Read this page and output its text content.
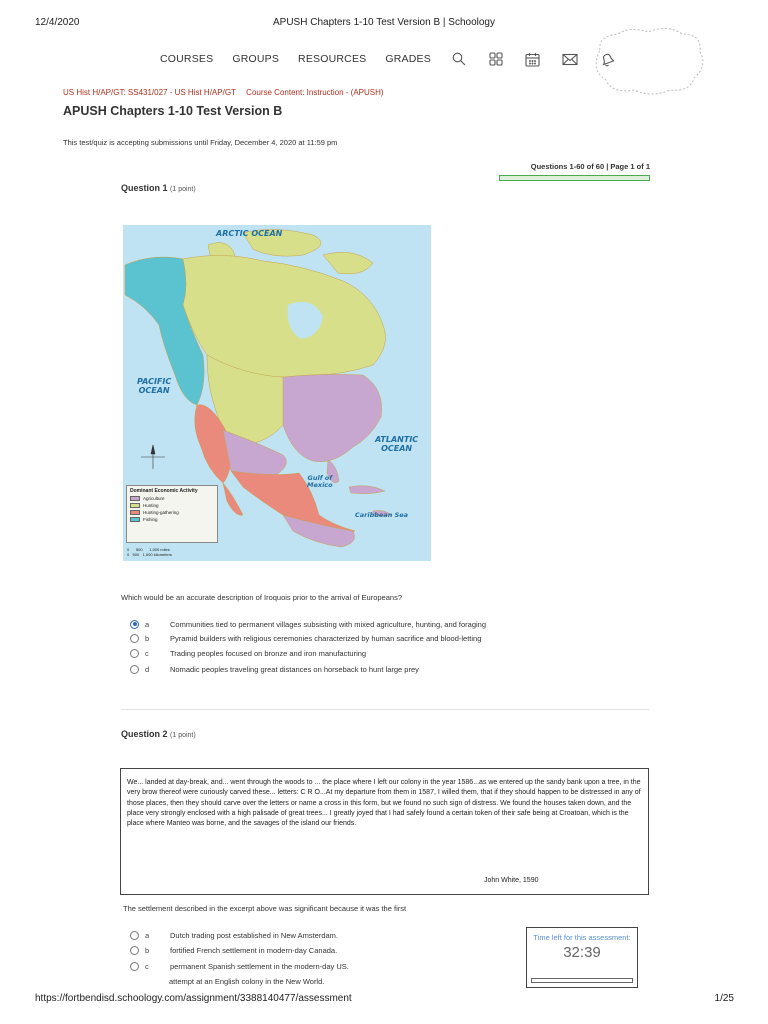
12/4/2020	APUSH Chapters 1-10 Test Version B | Schoology
COURSES GROUPS RESOURCES GRADES
US Hist H/AP/GT: SS431/027 - US Hist H/AP/GT Course Content: Instruction - (APUSH)
APUSH Chapters 1-10 Test Version B
This test/quiz is accepting submissions until Friday, December 4, 2020 at 11:59 pm
Questions 1-60 of 60 | Page 1 of 1
Question 1 (1 point)
ARCTIC OCEAN
PACIFIC
OCEAN
ATLANTIC
OCEAN
Gulf of
Mexico
Caribbean Sea
Dominant Economic Activity
Agriculture
Hunting
Hunting-gathering
Fishing
0      500      1,000 miles
0   500   1,000 kilometers
Which would be an accurate description of Iroquois prior to the arrival of Europeans?
a	Communities tied to permanent villages subsisting with mixed agriculture, hunting, and foraging
b	Pyramid builders with religious ceremonies characterized by human sacrifice and blood-letting
c	Trading peoples focused on bronze and iron manufacturing
d	Nomadic peoples traveling great distances on horseback to hunt large prey
Question 2 (1 point)
We... landed at day-break, and... went through the woods to ... the place where I left our colony in the year 1586...as we entered up the sandy bank upon a tree, in the very brow thereof were curiously carved these... letters: C R O...At my departure from them in 1587, I willed them, that if they should happen to be distressed in any of those places, then they should carve over the letters or name a cross in this form, but we found no such sign of distress. We found the houses taken down, and the place very strongly enclosed with a high palisade of great trees... I greatly joyed that I had safely found a certain token of their safe being at Croatoan, which is the place where Manteo was borne, and the savages of the island our friends.
John White, 1590
The settlement described in the excerpt above was significant because it was the first
a	Dutch trading post established in New Amsterdam.
b	fortified French settlement in modern-day Canada.
c	permanent Spanish settlement in the modern-day US.
attempt at an English colony in the New World.
Time left for this assessment:
32:39
https://fortbendisd.schoology.com/assignment/3388140477/assessment	1/25
